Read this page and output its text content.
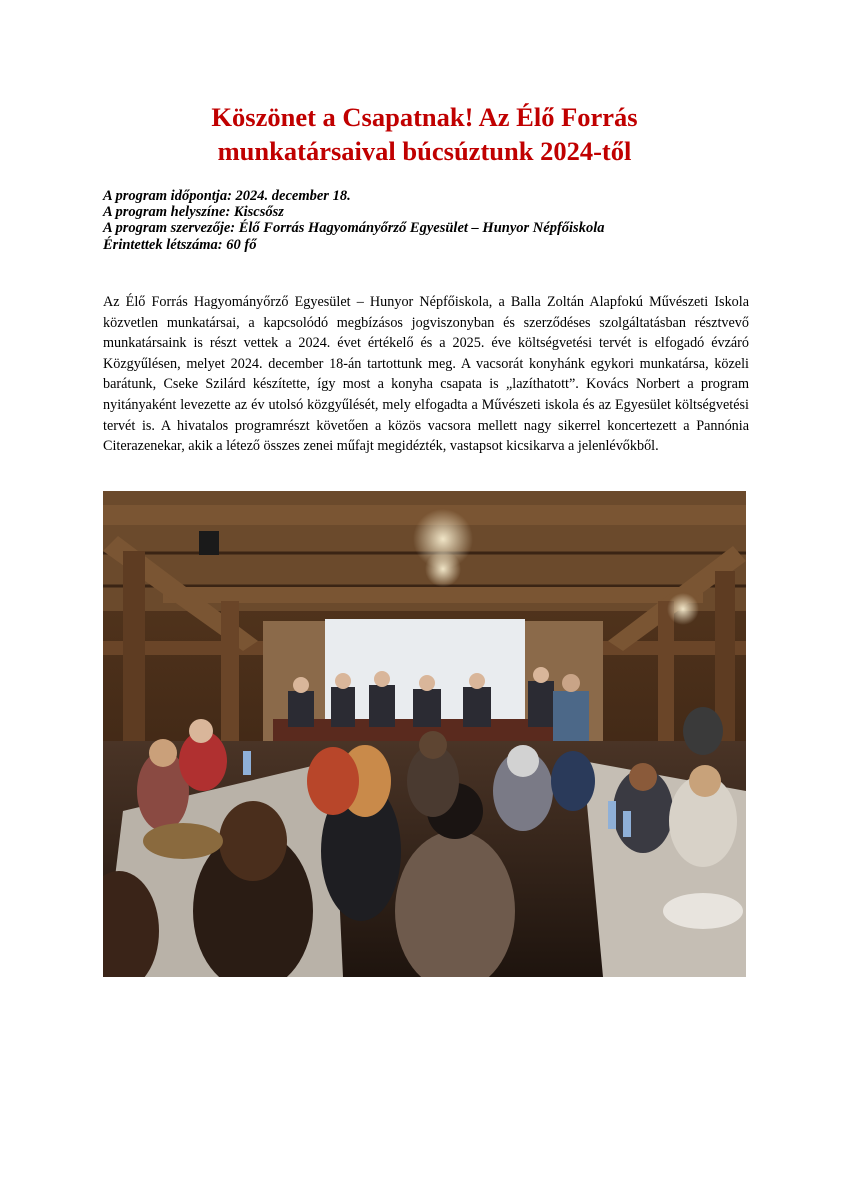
Köszönet a Csapatnak! Az Élő Forrás
munkatársaival búcsúztunk 2024-től
A program időpontja: 2024. december 18.
A program helyszíne: Kiscsősz
A program szervezője: Élő Forrás Hagyományőrző Egyesület – Hunyor Népfőiskola
Érintettek létszáma: 60 fő

Az Élő Forrás Hagyományőrző Egyesület – Hunyor Népfőiskola, a Balla Zoltán Alapfokú Művészeti Iskola közvetlen munkatársai, a kapcsolódó megbízásos jogviszonyban és szerződéses szolgáltatásban résztvevő munkatársaink is részt vettek a 2024. évet értékelő és a 2025. éve költségvetési tervét is elfogadó évzáró Közgyűlésen, melyet 2024. december 18-án tartottunk meg. A vacsorát konyhánk egykori munkatársa, közeli barátunk, Cseke Szilárd készítette, így most a konyha csapata is „lazíthatott”. Kovács Norbert a program nyitányaként levezette az év utolsó közgyűlését, mely elfogadta a Művészeti iskola és az Egyesület költségvetési tervét is. A hivatalos programrészt követően a közös vacsora mellett nagy sikerrel koncertezett a Pannónia Citerazenekar, akik a létező összes zenei műfajt megidézték, vastapsot kicsikarva a jelenlévőkből.
